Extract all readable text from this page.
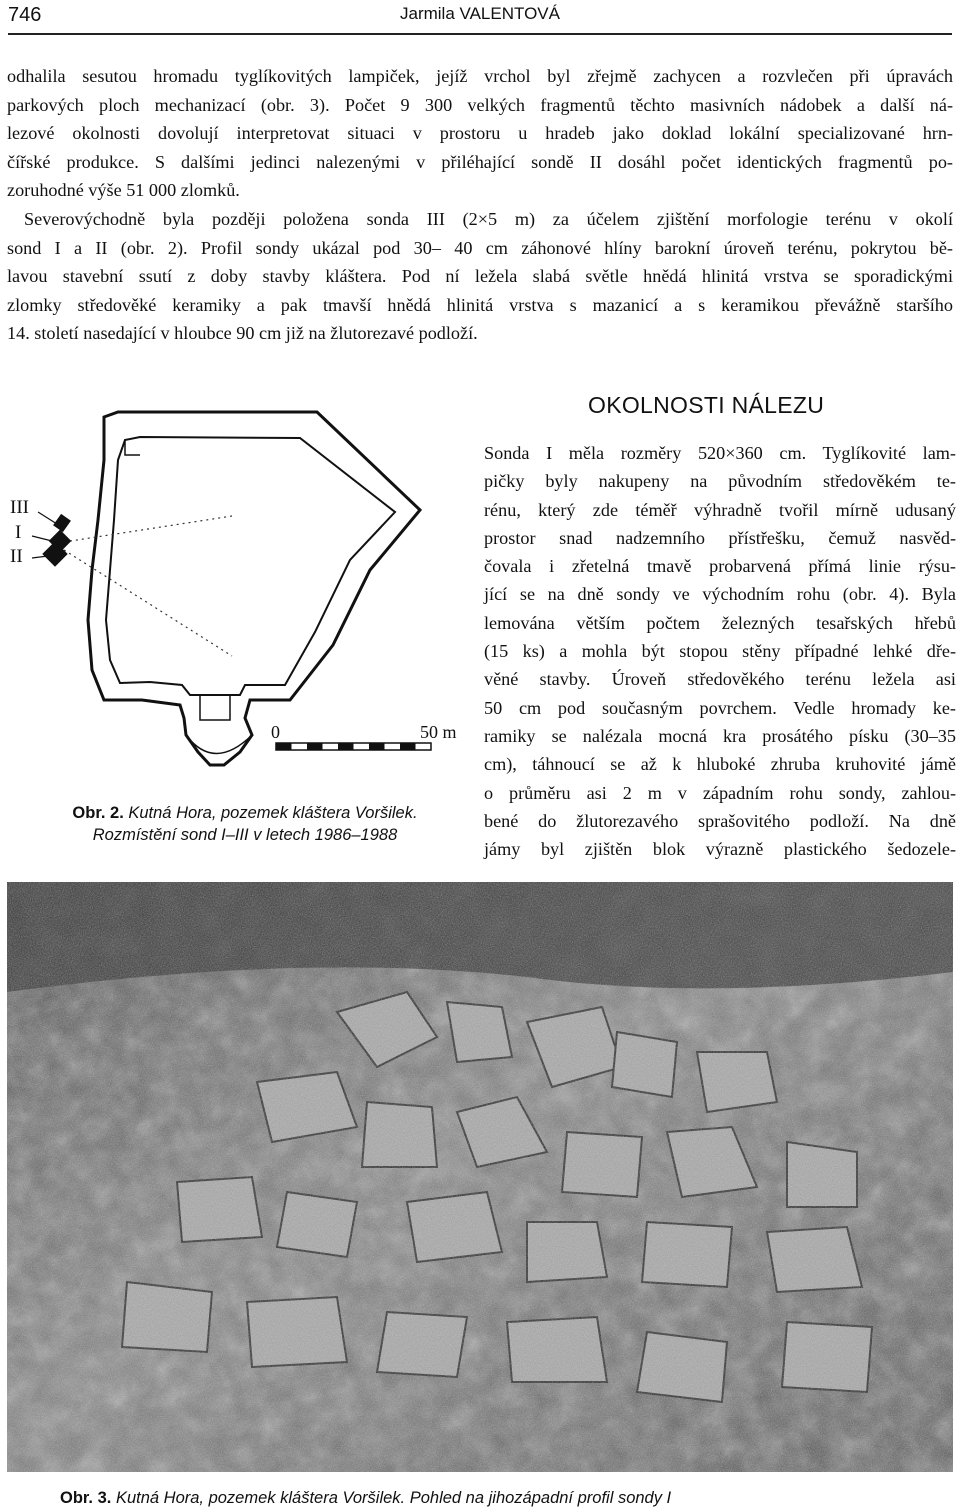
746	Jarmila VALENTOVÁ
odhalila sesutou hromadu tyglíkovitých lampiček, jejíž vrchol byl zřejmě zachycen a rozvlečen při úpravách
parkových ploch mechanizací (obr. 3). Počet 9 300 velkých fragmentů těchto masivních nádobek a další ná-
lezové okolnosti dovolují interpretovat situaci v prostoru u hradeb jako doklad lokální specializované hrn-
čířské produkce. S dalšími jedinci nalezenými v přiléhající sondě II dosáhl počet identických fragmentů po-
zoruhodné výše 51 000 zlomků.
Severovýchodně byla později položena sonda III (2×5 m) za účelem zjištění morfologie terénu v okolí
sond I a II (obr. 2). Profil sondy ukázal pod 30– 40 cm záhonové hlíny barokní úroveň terénu, pokrytou bě-
lavou stavební ssutí z doby stavby kláštera. Pod ní ležela slabá světle hnědá hlinitá vrstva se sporadickými
zlomky středověké keramiky a pak tmavší hnědá hlinitá vrstva s mazanicí a s keramikou převážně staršího
14. století nasedající v hloubce 90 cm již na žlutorezavé podloží.
OKOLNOSTI NÁLEZU
Sonda I měla rozměry 520×360 cm. Tyglíkovité lam-
pičky byly nakupeny na původním středověkém te-
rénu, který zde téměř výhradně tvořil mírně udusaný
prostor snad nadzemního přístřešku, čemuž nasvěd-
čovala i zřetelná tmavě probarvená přímá linie rýsu-
jící se na dně sondy ve východním rohu (obr. 4). Byla
lemována větším počtem železných tesařských hřebů
(15 ks) a mohla být stopou stěny případné lehké dře-
věné stavby. Úroveň středověkého terénu ležela asi
50 cm pod současným povrchem. Vedle hromady ke-
ramiky se nalézala mocná kra prosátého písku (30–35
cm), táhnoucí se až k hluboké zhruba kruhovité jámě
o průměru asi 2 m v západním rohu sondy, zahlou-
bené do žlutorezavého sprašovitého podloží. Na dně
jámy byl zjištěn blok výrazně plastického šedozele-
III
I
II
0	50 m
Obr. 2. Kutná Hora, pozemek kláštera Voršilek.
Rozmístění sond I–III v letech 1986–1988
Obr. 3. Kutná Hora, pozemek kláštera Voršilek. Pohled na jihozápadní profil sondy I
